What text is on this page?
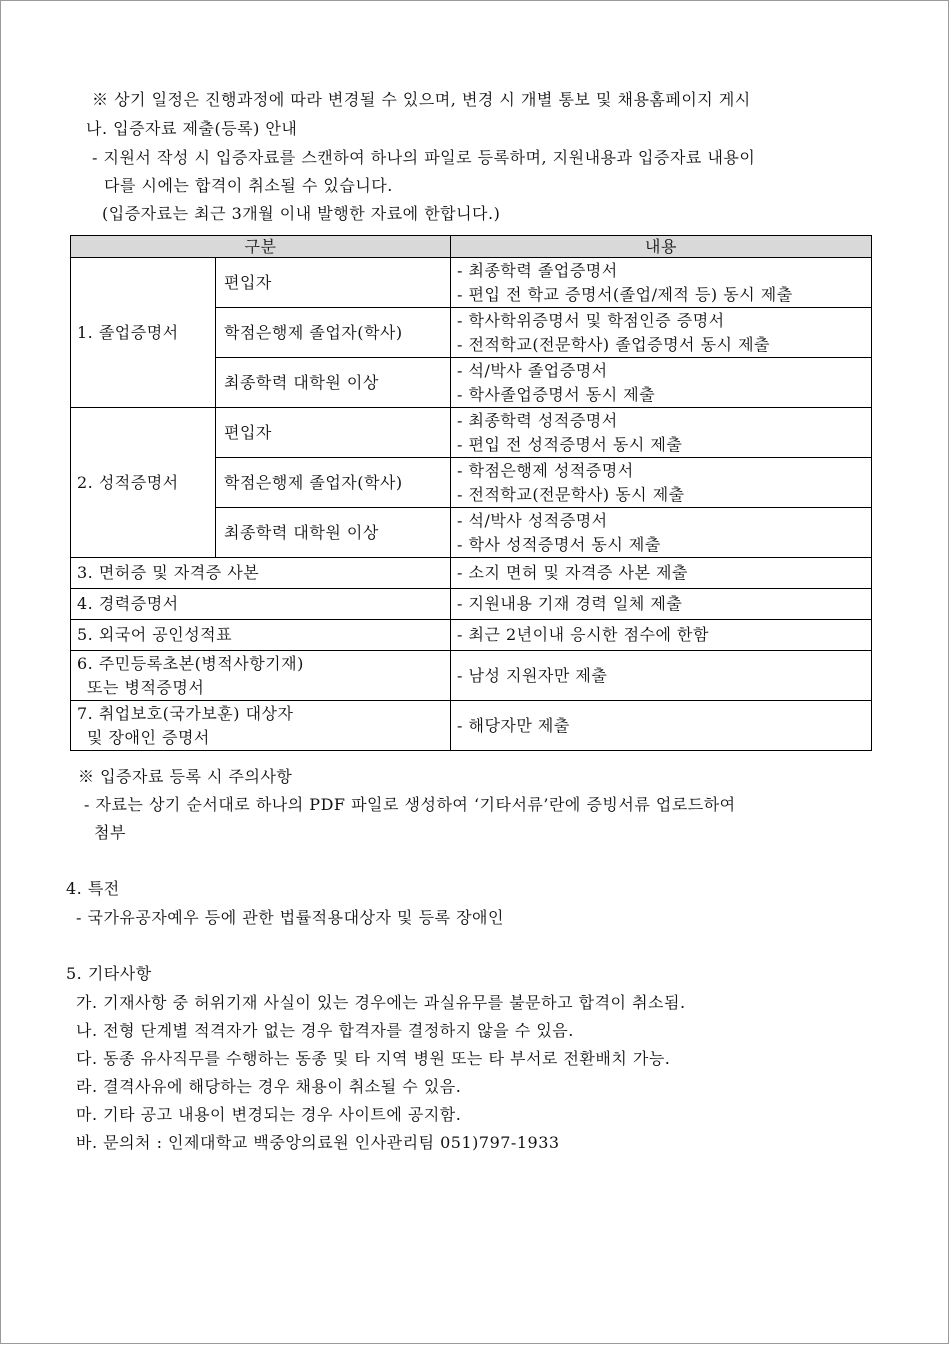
※ 상기 일정은 진행과정에 따라 변경될 수 있으며, 변경 시 개별 통보 및 채용홈페이지 게시
나. 입증자료 제출(등록) 안내
- 지원서 작성 시 입증자료를 스캔하여 하나의 파일로 등록하며, 지원내용과 입증자료 내용이
다를 시에는 합격이 취소될 수 있습니다.
(입증자료는 최근 3개월 이내 발행한 자료에 한합니다.)
구분		내용
1. 졸업증명서	편입자	- 최종학력 졸업증명서
- 편입 전 학교 증명서(졸업/제적 등) 동시 제출

	학점은행제 졸업자(학사)	- 학사학위증명서 및 학점인증 증명서
- 전적학교(전문학사) 졸업증명서 동시 제출

	최종학력 대학원 이상	- 석/박사 졸업증명서
- 학사졸업증명서 동시 제출

2. 성적증명서	편입자	- 최종학력 성적증명서
- 편입 전 성적증명서 동시 제출

	학점은행제 졸업자(학사)	- 학점은행제 성적증명서
- 전적학교(전문학사) 동시 제출

	최종학력 대학원 이상	- 석/박사 성적증명서
- 학사 성적증명서 동시 제출

3. 면허증 및 자격증 사본		- 소지 면허 및 자격증 사본 제출
4. 경력증명서		- 지원내용 기재 경력 일체 제출
5. 외국어 공인성적표		- 최근 2년이내 응시한 점수에 한함

6. 주민등록초본(병적사항기재)
또는 병적증명서		- 남성 지원자만 제출

7. 취업보호(국가보훈) 대상자
및 장애인 증명서		- 해당자만 제출
※ 입증자료 등록 시 주의사항
- 자료는 상기 순서대로 하나의 PDF 파일로 생성하여 ‘기타서류’란에 증빙서류 업로드하여
첨부
4. 특전
- 국가유공자예우 등에 관한 법률적용대상자 및 등록 장애인
5. 기타사항
가. 기재사항 중 허위기재 사실이 있는 경우에는 과실유무를 불문하고 합격이 취소됨.
나. 전형 단계별 적격자가 없는 경우 합격자를 결정하지 않을 수 있음.
다. 동종 유사직무를 수행하는 동종 및 타 지역 병원 또는 타 부서로 전환배치 가능.
라. 결격사유에 해당하는 경우 채용이 취소될 수 있음.
마. 기타 공고 내용이 변경되는 경우 사이트에 공지함.
바. 문의처 : 인제대학교 백중앙의료원 인사관리팀 051)797-1933
